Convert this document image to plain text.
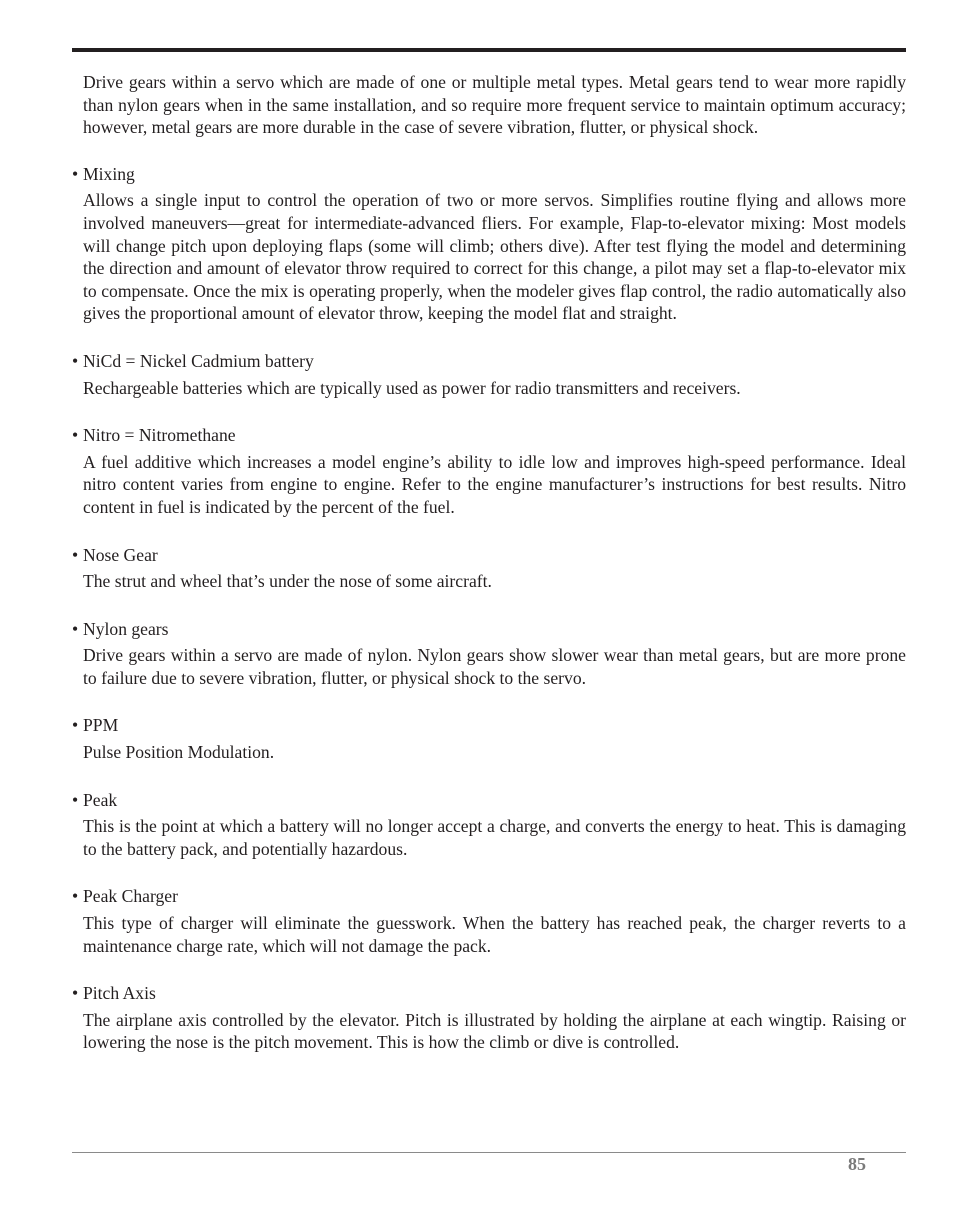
Drive gears within a servo which are made of one or multiple metal types. Metal gears tend to wear more rapidly than nylon gears when in the same installation, and so require more frequent service to maintain optimum accuracy; however, metal gears are more durable in the case of severe vibration, flutter, or physical shock.

• Mixing

Allows a single input to control the operation of two or more servos. Simplifies routine flying and allows more involved maneuvers—great for intermediate-advanced fliers. For example, Flap-to-elevator mixing: Most models will change pitch upon deploying flaps (some will climb; others dive). After test flying the model and determining the direction and amount of elevator throw required to correct for this change, a pilot may set a flap-to-elevator mix to compensate. Once the mix is operating properly, when the modeler gives flap control, the radio automatically also gives the proportional amount of elevator throw, keeping the model flat and straight.

• NiCd = Nickel Cadmium battery

Rechargeable batteries which are typically used as power for radio transmitters and receivers.

• Nitro = Nitromethane

A fuel additive which increases a model engine’s ability to idle low and improves high-speed performance. Ideal nitro content varies from engine to engine. Refer to the engine manufacturer’s instructions for best results. Nitro content in fuel is indicated by the percent of the fuel.

• Nose Gear

The strut and wheel that’s under the nose of some aircraft.

• Nylon gears

Drive gears within a servo are made of nylon. Nylon gears show slower wear than metal gears, but are more prone to failure due to severe vibration, flutter, or physical shock to the servo.

• PPM

Pulse Position Modulation.

• Peak

This is the point at which a battery will no longer accept a charge, and converts the energy to heat. This is damaging to the battery pack, and potentially hazardous.

• Peak Charger

This type of charger will eliminate the guesswork. When the battery has reached peak, the charger reverts to a maintenance charge rate, which will not damage the pack.

• Pitch Axis

The airplane axis controlled by the elevator. Pitch is illustrated by holding the airplane at each wingtip. Raising or lowering the nose is the pitch movement. This is how the climb or dive is controlled.

85
